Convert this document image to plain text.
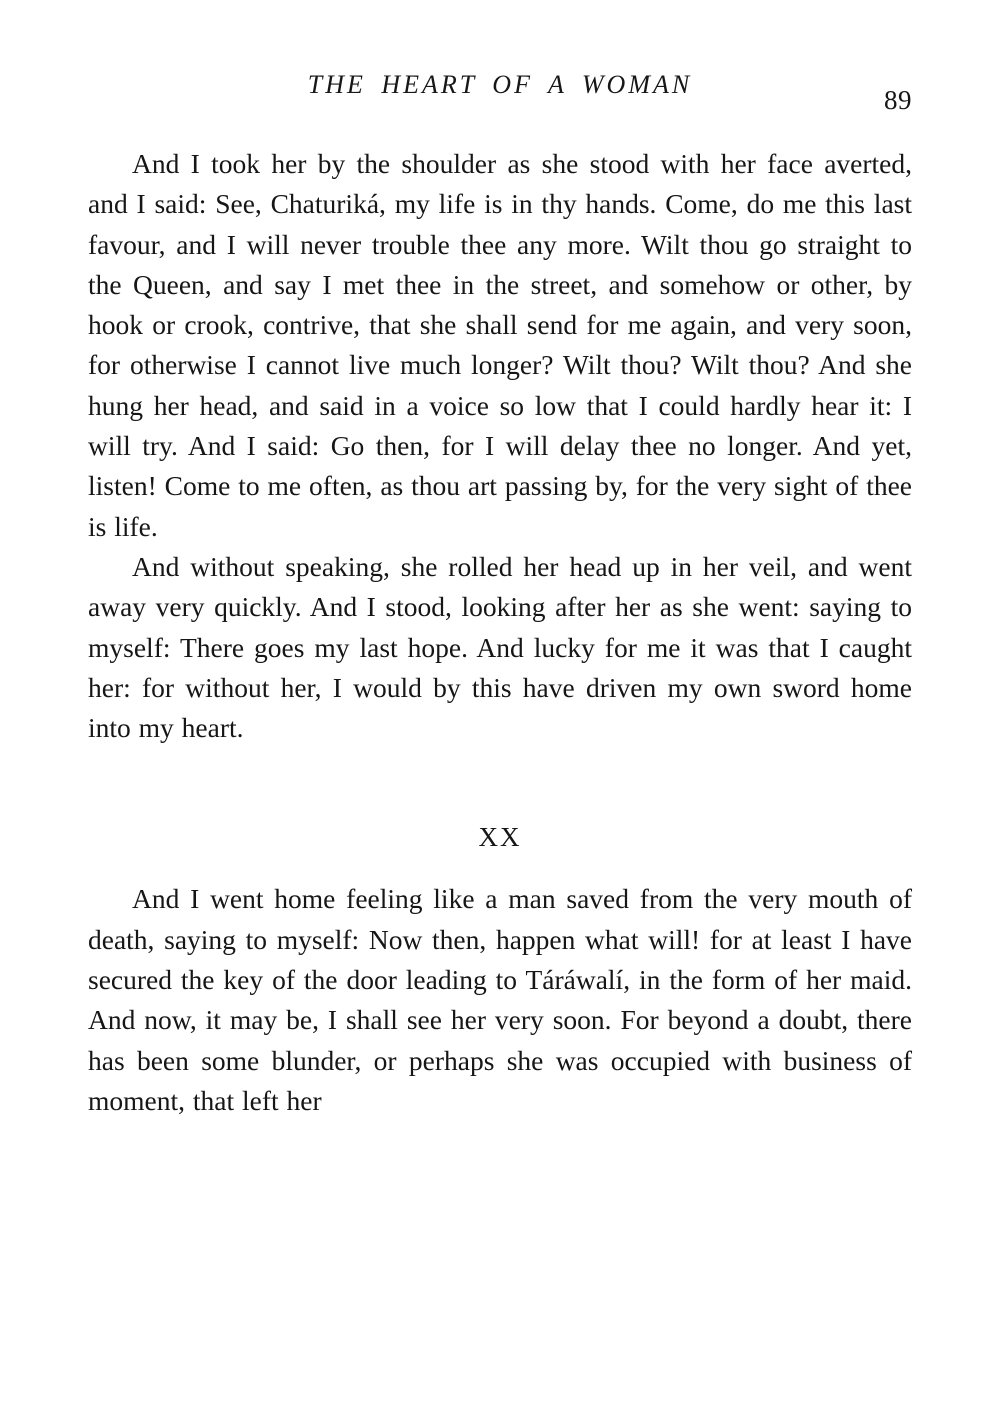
THE HEART OF A WOMAN
89

And I took her by the shoulder as she stood with her face averted, and I said: See, Chaturiká, my life is in thy hands. Come, do me this last favour, and I will never trouble thee any more. Wilt thou go straight to the Queen, and say I met thee in the street, and somehow or other, by hook or crook, contrive, that she shall send for me again, and very soon, for otherwise I cannot live much longer? Wilt thou? Wilt thou? And she hung her head, and said in a voice so low that I could hardly hear it: I will try. And I said: Go then, for I will delay thee no longer. And yet, listen! Come to me often, as thou art passing by, for the very sight of thee is life.

And without speaking, she rolled her head up in her veil, and went away very quickly. And I stood, looking after her as she went: saying to myself: There goes my last hope. And lucky for me it was that I caught her: for without her, I would by this have driven my own sword home into my heart.

XX

And I went home feeling like a man saved from the very mouth of death, saying to myself: Now then, happen what will! for at least I have secured the key of the door leading to Táráwalí, in the form of her maid. And now, it may be, I shall see her very soon. For beyond a doubt, there has been some blunder, or perhaps she was occupied with business of moment, that left her
